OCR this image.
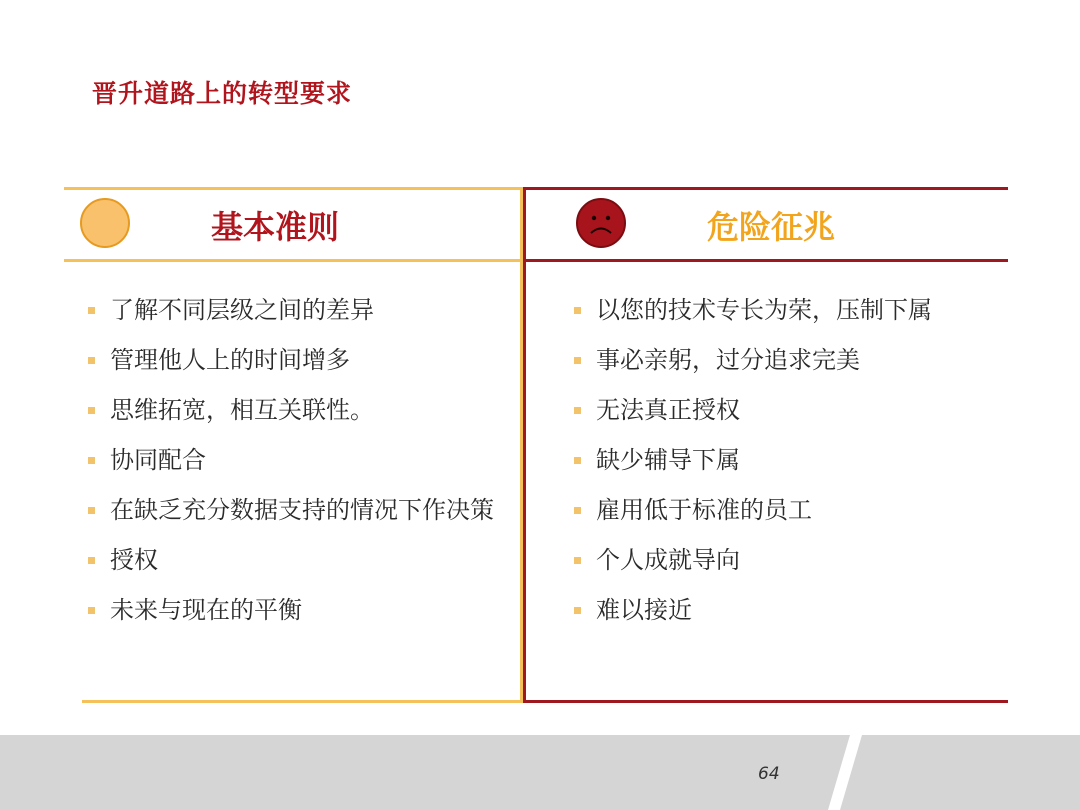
晋升道路上的转型要求
基本准则	危险征兆
了解不同层级之间的差异
管理他人上的时间增多
思维拓宽，相互关联性。
协同配合
在缺乏充分数据支持的情况下作决策
授权
未来与现在的平衡
以您的技术专长为荣，压制下属
事必亲躬，过分追求完美
无法真正授权
缺少辅导下属
雇用低于标准的员工
个人成就导向
难以接近
64
